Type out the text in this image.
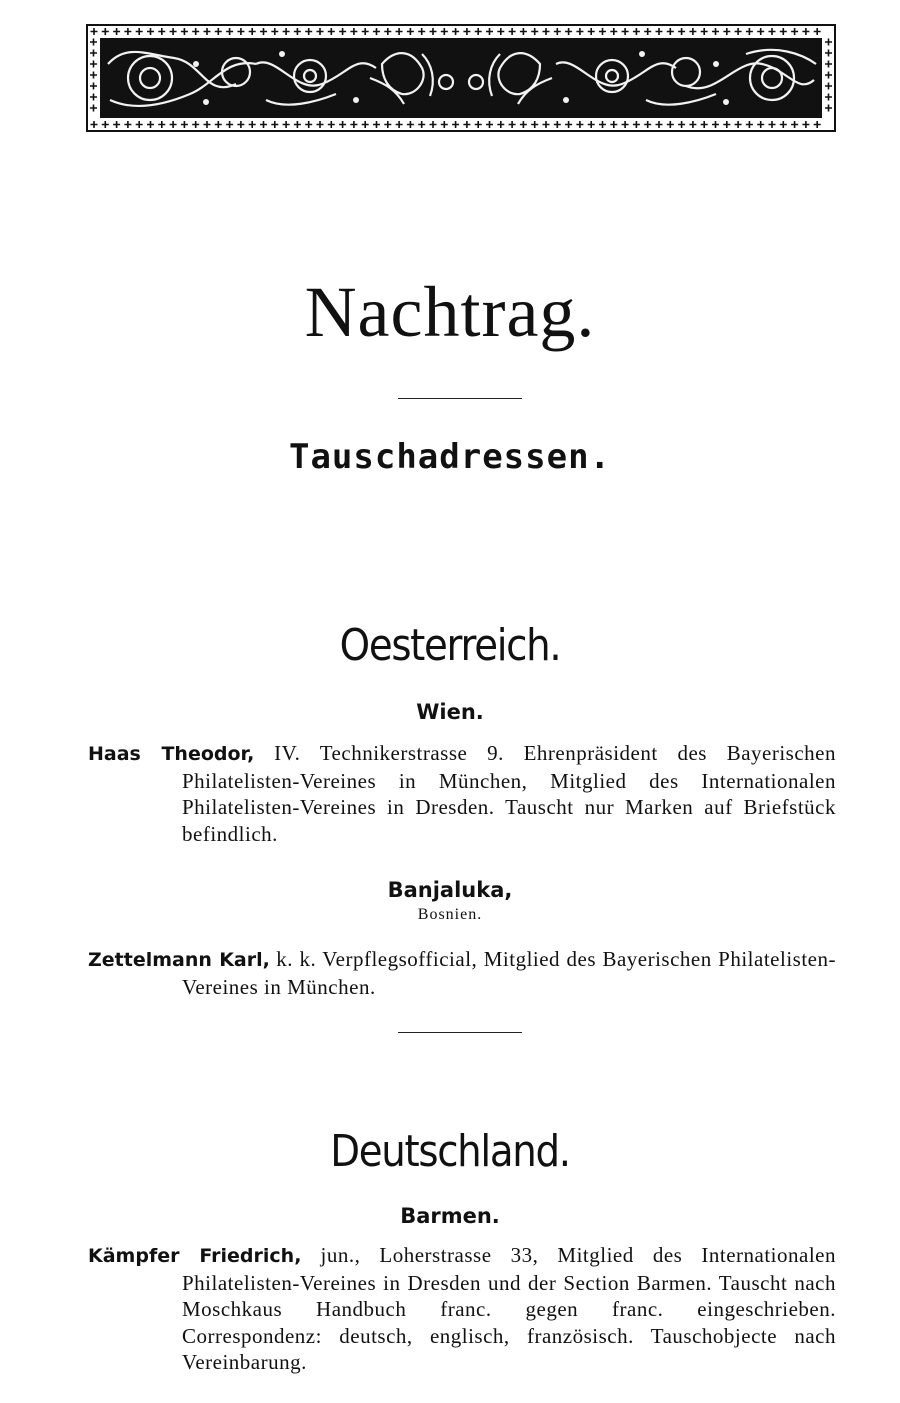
Nachtrag.
Tauschadressen.
Oesterreich.
Wien.

Haas Theodor, IV. Technikerstrasse 9. Ehrenpräsident des Bayerischen Philatelisten-Vereines in München, Mitglied des Internationalen Philatelisten-Vereines in Dresden. Tauscht nur Marken auf Briefstück befindlich.

Banjaluka,
Bosnien.

Zettelmann Karl, k. k. Verpflegsofficial, Mitglied des Bayerischen Philatelisten-Vereines in München.

Deutschland.
Barmen.

Kämpfer Friedrich, jun., Loherstrasse 33, Mitglied des Internationalen Philatelisten-Vereines in Dresden und der Section Barmen. Tauscht nach Moschkaus Handbuch franc. gegen franc. eingeschrieben. Correspondenz: deutsch, englisch, französisch. Tauschobjecte nach Vereinbarung.
